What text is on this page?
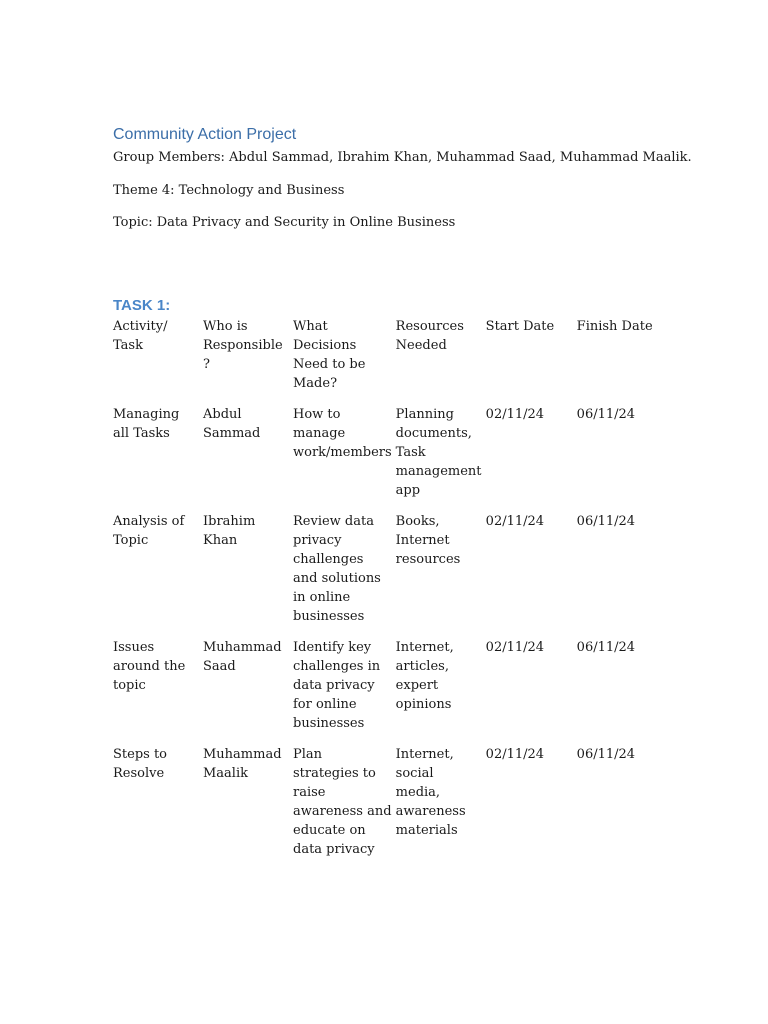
Community Action Project

Group Members: Abdul Sammad, Ibrahim Khan, Muhammad Saad, Muhammad Maalik.

Theme 4: Technology and Business

Topic: Data Privacy and Security in Online Business

TASK 1:
Activity/ Task	Who is Responsible ?	What Decisions Need to be Made?	Resources Needed	Start Date	Finish Date
Managing all Tasks	Abdul Sammad	How to manage work/members	Planning documents, Task management app	02/11/24	06/11/24
Analysis of Topic	Ibrahim Khan	Review data privacy challenges and solutions in online businesses	Books, Internet resources	02/11/24	06/11/24
Issues around the topic	Muhammad Saad	Identify key challenges in data privacy for online businesses	Internet, articles, expert opinions	02/11/24	06/11/24
Steps to Resolve	Muhammad Maalik	Plan strategies to raise awareness and educate on data privacy	Internet, social media, awareness materials	02/11/24	06/11/24
